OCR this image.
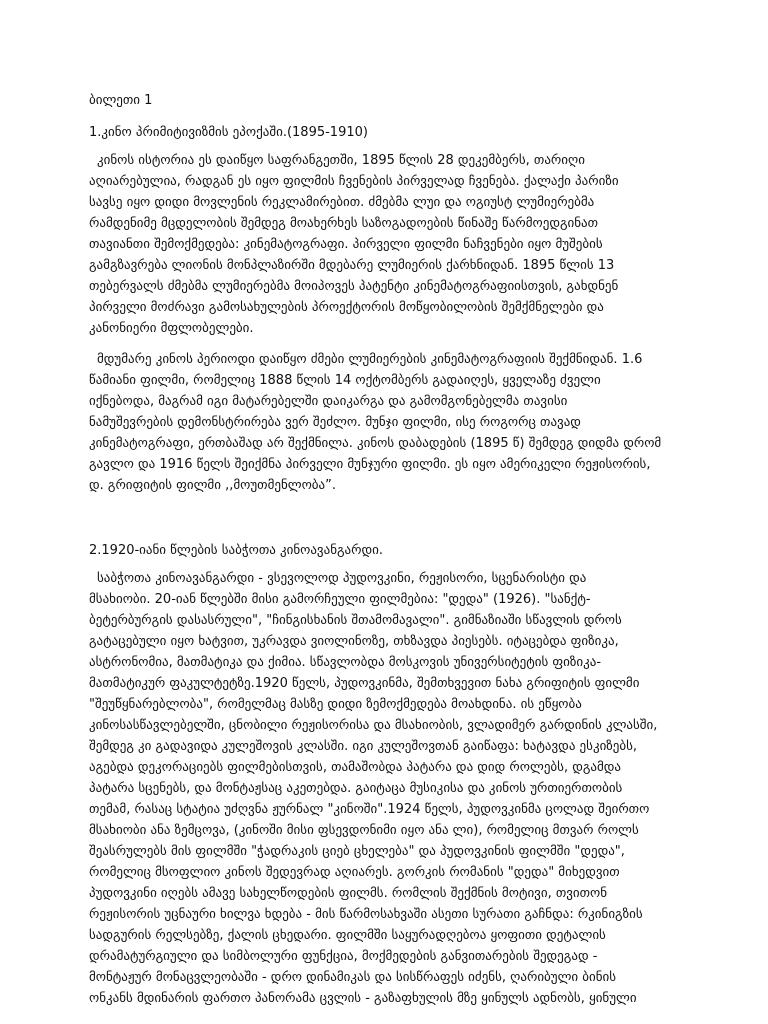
ბილეთი 1
1.კინო პრიმიტივიზმის ეპოქაში.(1895-1910)
კინოს ისტორია ეს დაიწყო საფრანგეთში, 1895 წლის 28 დეკემბერს, თარიღი
აღიარებულია, რადგან ეს იყო ფილმის ჩვენების პირველად ჩვენება. ქალაქი პარიზი
სავსე იყო დიდი მოვლენის რეკლამირებით. ძმებმა ლუი და ოგიუსტ ლუმიერებმა
რამდენიმე მცდელობის შემდეგ მოახერხეს საზოგადოების წინაშე წარმოედგინათ
თავიანთი შემოქმედება: კინემატოგრაფი. პირველი ფილმი ნაჩვენები იყო მუშების
გამგზავრება ლიონის მონპლაზირში მდებარე ლუმიერის ქარხნიდან. 1895 წლის 13
თებერვალს ძმებმა ლუმიერებმა მოიპოვეს პატენტი კინემატოგრაფიისთვის, გახდნენ
პირველი მოძრავი გამოსახულების პროექტორის მოწყობილობის შემქმნელები და
კანონიერი მფლობელები.
მდუმარე კინოს პერიოდი დაიწყო ძმები ლუმიერების კინემატოგრაფიის შექმნიდან. 1.6
წამიანი ფილმი, რომელიც 1888 წლის 14 ოქტომბერს გადაიღეს, ყველაზე ძველი
იქნებოდა, მაგრამ იგი მატარებელში დაიკარგა და გამომგონებელმა თავისი
ნამუშევრების დემონსტრირება ვერ შეძლო. მუნჯი ფილმი, ისე როგორც თავად
კინემატოგრაფი, ერთბაშად არ შექმნილა. კინოს დაბადების (1895 წ) შემდეგ დიდმა დრომ
გავლო და 1916 წელს შეიქმნა პირველი მუნჯური ფილმი. ეს იყო ამერიკელი რეჟისორის,
დ. გრიფიტის ფილმი ,,მოუთმენლობა”.
2.1920-იანი წლების საბჭოთა კინოავანგარდი.
საბჭოთა კინოავანგარდი - ვსევოლოდ პუდოვკინი, რეჟისორი, სცენარისტი და
მსახიობი. 20-იან წლებში მისი გამორჩეული ფილმებია: "დედა" (1926). "სანქტ-
ბეტერბურგის დასასრული", "ჩინგისხანის შთამომავალი". გიმნაზიაში სწავლის დროს
გატაცებული იყო ხატვით, უკრავდა ვიოლინოზე, თხზავდა პიესებს. იტაცებდა ფიზიკა,
ასტრონომია, მათმატიკა და ქიმია. სწავლობდა მოსკოვის უნივერსიტეტის ფიზიკა-
მათმატიკურ ფაკულტეტზე.1920 წელს, პუდოვკინმა, შემთხვევით ნახა გრიფიტის ფილმი
"შეუწყნარებლობა", რომელმაც მასზე დიდი ზემოქმედება მოახდინა. ის ეწყობა
კინოსასწავლებელში, ცნობილი რეჟისორისა და მსახიობის, ვლადიმერ გარდინის კლასში,
შემდეგ კი გადავიდა კულეშოვის კლასში. იგი კულეშოვთან გაიწაფა: ხატავდა ესკიზებს,
აგებდა დეკორაციებს ფილმებისთვის, თამაშობდა პატარა და დიდ როლებს, დგამდა
პატარა სცენებს, და მონტაჟსაც აკეთებდა. გაიტაცა მუსიკისა და კინოს ურთიერთობის
თემამ, რასაც სტატია უძღვნა ჟურნალ "კინოში".1924 წელს, პუდოვკინმა ცოლად შეირთო
მსახიობი ანა ზემცოვა, (კინოში მისი ფსევდონიმი იყო ანა ლი), რომელიც მთვარ როლს
შეასრულებს მის ფილმში "ჭადრაკის ციებ ცხელება" და პუდოვკინის ფილმში "დედა",
რომელიც მსოფლიო კინოს შედევრად აღიარეს. გორკის რომანის "დედა" მიხედვით
პუდოვკინი იღებს ამავე სახელწოდების ფილმს. რომლის შექმნის მოტივი, თვითონ
რეჟისორის უცნაური ხილვა ხდება - მის წარმოსახვაში ასეთი სურათი გაჩნდა: რკინიგზის
სადგურის რელსებზე, ქალის ცხედარი. ფილმში საყურადღებოა ყოფითი დეტალის
დრამატურგიული და სიმბოლური ფუნქცია, მოქმედების განვითარების შედეგად -
მონტაჟურ მონაცვლეობაში - დრო დინამიკას და სისწრაფეს იძენს, ღარიბული ბინის
ონკანს მდინარის ფართო პანორამა ცვლის - გაზაფხულის მზე ყინულს ადნობს, ყინული
